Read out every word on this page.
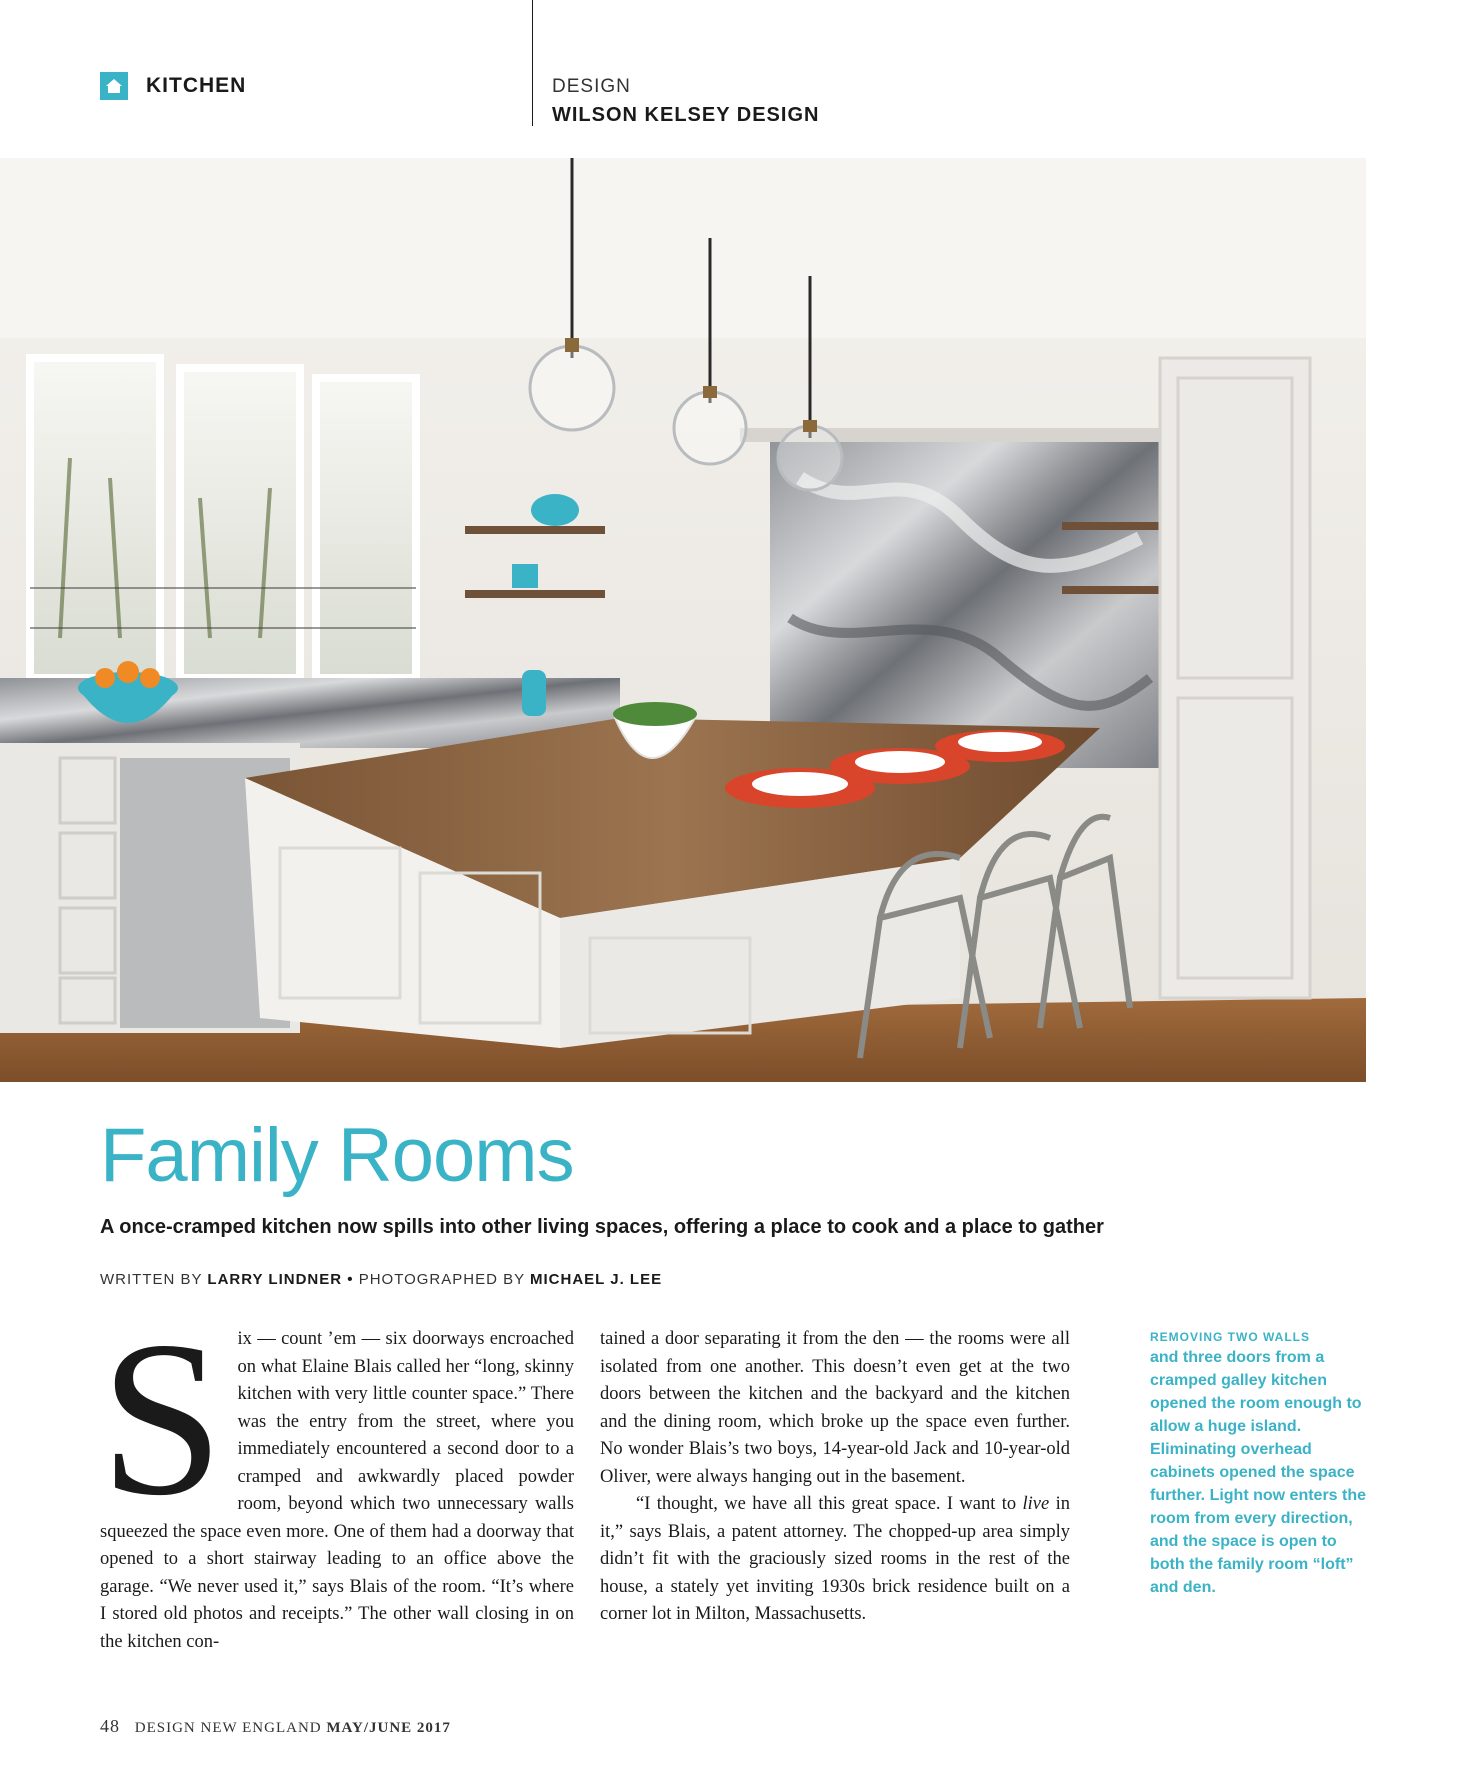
KITCHEN	DESIGN
WILSON KELSEY DESIGN
Family Rooms
A once-cramped kitchen now spills into other living spaces, offering a place to cook and a place to gather
WRITTEN BY LARRY LINDNER • PHOTOGRAPHED BY MICHAEL J. LEE

Six — count ’em — six doorways encroached on what Elaine Blais called her “long, skinny kitchen with very little counter space.” There was the entry from the street, where you immediately encountered a second door to a cramped and awkwardly placed powder room, beyond which two unnecessary walls squeezed the space even more. One of them had a doorway that opened to a short stairway leading to an office above the garage. “We never used it,” says Blais of the room. “It’s where I stored old photos and receipts.” The other wall closing in on the kitchen con-

tained a door separating it from the den — the rooms were all isolated from one another. This doesn’t even get at the two doors between the kitchen and the backyard and the kitchen and the dining room, which broke up the space even further. No wonder Blais’s two boys, 14-year-old Jack and 10-year-old Oliver, were always hanging out in the basement.

“I thought, we have all this great space. I want to live in it,” says Blais, a patent attorney. The chopped-up area simply didn’t fit with the graciously sized rooms in the rest of the house, a stately yet inviting 1930s brick residence built on a corner lot in Milton, Massachusetts.

REMOVING TWO WALLS
and three doors from a cramped galley kitchen opened the room enough to allow a huge island. Eliminating overhead cabinets opened the space further. Light now enters the room from every direction, and the space is open to both the family room “loft” and den.
48 DESIGN NEW ENGLAND MAY/JUNE 2017
